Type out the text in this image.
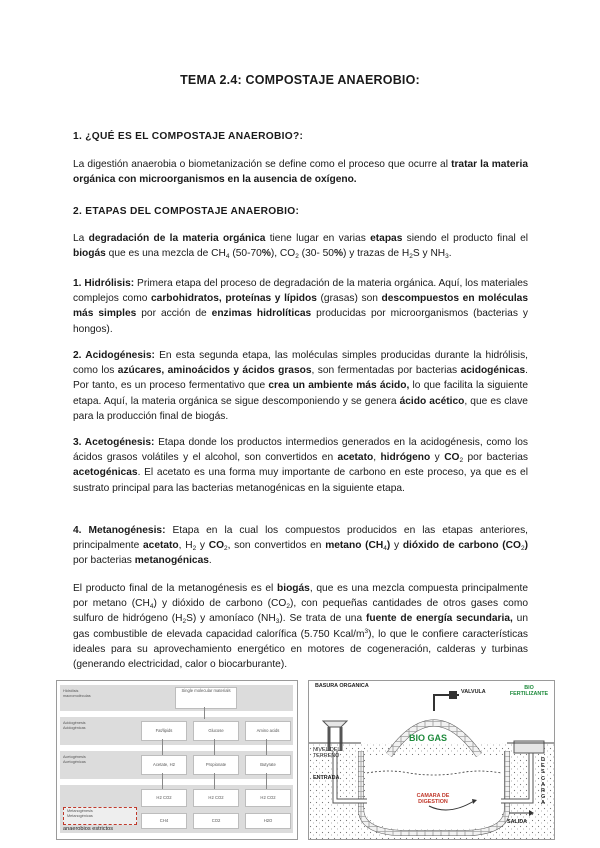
TEMA 2.4: COMPOSTAJE ANAEROBIO:
1. ¿QUÉ ES EL COMPOSTAJE ANAEROBIO?:
La digestión anaerobia o biometanización se define como el proceso que ocurre al tratar la materia orgánica con microorganismos en la ausencia de oxígeno.
2. ETAPAS DEL COMPOSTAJE ANAEROBIO:
La degradación de la materia orgánica tiene lugar en varias etapas siendo el producto final el biogás que es una mezcla de $CH_4$ (50-70%), $CO_2$ (30- 50%) y trazas de $H_2S$ y $NH_3$.
1. Hidrólisis: Primera etapa del proceso de degradación de la materia orgánica. Aquí, los materiales complejos como carbohidratos, proteínas y lípidos (grasas) son descompuestos en moléculas más simples por acción de enzimas hidrolíticas producidas por microorganismos (bacterias y hongos).
2. Acidogénesis: En esta segunda etapa, las moléculas simples producidas durante la hidrólisis, como los azúcares, aminoácidos y ácidos grasos, son fermentadas por bacterias acidogénicas. Por tanto, es un proceso fermentativo que crea un ambiente más ácido, lo que facilita la siguiente etapa. Aquí, la materia orgánica se sigue descomponiendo y se genera ácido acético, que es clave para la producción final de biogás.
3. Acetogénesis: Etapa donde los productos intermedios generados en la acidogénesis, como los ácidos grasos volátiles y el alcohol, son convertidos en acetato, hidrógeno y $CO_2$ por bacterias acetogénicas. El acetato es una forma muy importante de carbono en este proceso, ya que es el sustrato principal para las bacterias metanogénicas en la siguiente etapa.
4. Metanogénesis: Etapa en la cual los compuestos producidos en las etapas anteriores, principalmente acetato, $H_2$ y $CO_2$, son convertidos en metano $(CH_4)$ y dióxido de carbono $(CO_2)$ por bacterias metanogénicas.
El producto final de la metanogénesis es el biogás, que es una mezcla compuesta principalmente por metano $(CH_4)$ y dióxido de carbono $(CO_2)$, con pequeñas cantidades de otros gases como sulfuro de hidrógeno $(H_2S)$ y amoníaco $(NH_3)$. Se trata de una fuente de energía secundaria, un gas combustible de elevada capacidad calorífica (5.750 Kcal/$m^3$), lo que le confiere características ideales para su aprovechamiento energético en motores de cogeneración, calderas y turbinas (generando electricidad, calor o biocarburante).
Hidrólisis
macromoléculas
Single molecular materials
Acidogénesis
Acidogénicas	Fat/lipids	Glucose	Amino acids
Acetogénesis
Acetogénicas	Acetate, H2	Propionate	Butyrate
Metanogénesis
Metanogénicas
H2 CO2	H2 CO2	H2 CO2
CH4	CO2	H2O
anaerobios estrictos
BASURA ORGANICA
VALVULA
BIO FERTILIZANTE
NIVEL DEL TERRENO
ENTRADA
BIO GAS
CAMARA DE DIGESTION
SALIDA
DESCARGA
